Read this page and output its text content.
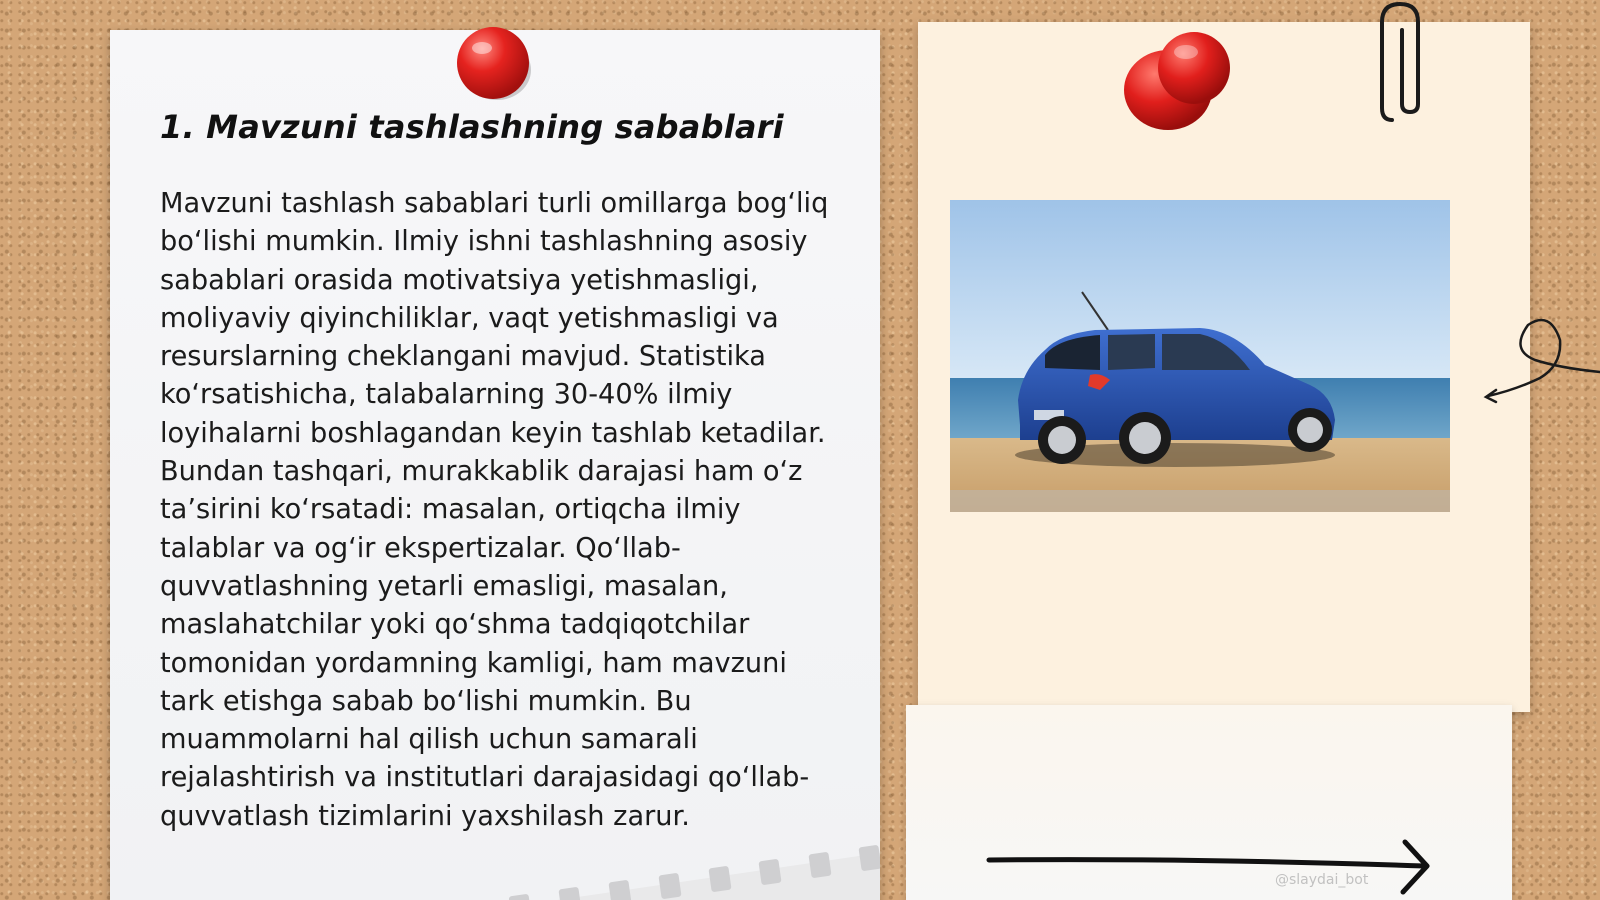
1. Mavzuni tashlashning sabablari

Mavzuni tashlash sabablari turli omillarga bog‘liq bo‘lishi mumkin. Ilmiy ishni tashlashning asosiy sabablari orasida motivatsiya yetishmasligi, moliyaviy qiyinchiliklar, vaqt yetishmasligi va resurslarning cheklangani mavjud. Statistika ko‘rsatishicha, talabalarning 30-40% ilmiy loyihalarni boshlagandan keyin tashlab ketadilar. Bundan tashqari, murakkablik darajasi ham o‘z ta’sirini ko‘rsatadi: masalan, ortiqcha ilmiy talablar va og‘ir ekspertizalar. Qo‘llab-quvvatlashning yetarli emasligi, masalan, maslahatchilar yoki qo‘shma tadqiqotchilar tomonidan yordamning kamligi, ham mavzuni tark etishga sabab bo‘lishi mumkin. Bu muammolarni hal qilish uchun samarali rejalashtirish va institutlari darajasidagi qo‘llab-quvvatlash tizimlarini yaxshilash zarur.

@slaydai_bot
